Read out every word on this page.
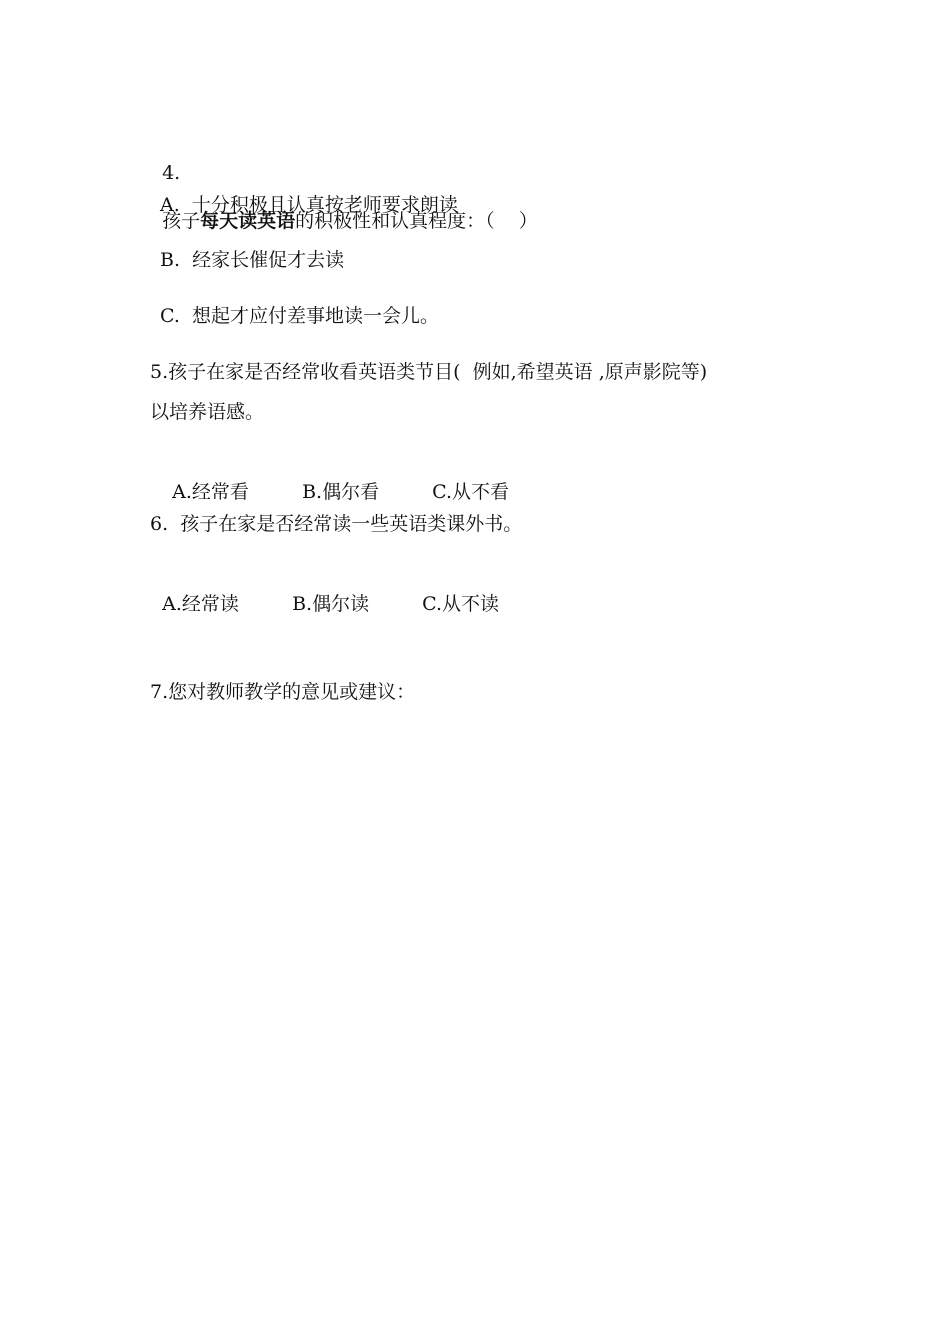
4.

孩子每天读英语的积极性和认真程度：（    ）

A.  十分积极且认真按老师要求朗读
B.  经家长催促才去读
C.  想起才应付差事地读一会儿。
5.孩子在家是否经常收看英语类节目(  例如,希望英语 ,原声影院等)
以培养语感。

A.经常看	B.偶尔看	C.从不看

6.  孩子在家是否经常读一些英语类课外书。

A.经常读	B.偶尔读	C.从不读

7.您对教师教学的意见或建议：
